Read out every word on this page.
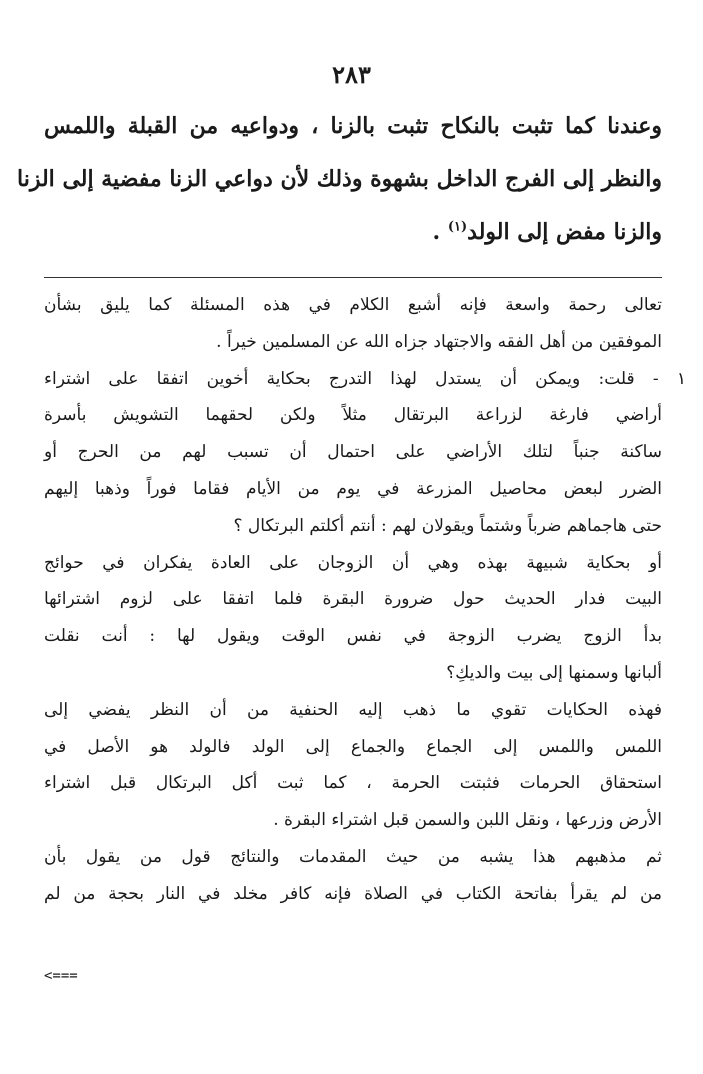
٢٨٣
وعندنا كما تثبت بالنكاح تثبت بالزنا ، ودواعيه من القبلة واللمس
والنظر إلى الفرج الداخل بشهوة وذلك لأن دواعي الزنا مفضية إلى الزنا
والزنا مفض إلى الولد$^{(١)}$ .
تعالى رحمة واسعة فإنه أشبع الكلام في هذه المسئلة كما يليق بشأن
الموفقين من أهل الفقه والاجتهاد جزاه الله عن المسلمين خيراً .
١ - قلت: ويمكن أن يستدل لهذا التدرج بحكاية أخوين اتفقا على اشتراء
أراضي فارغة لزراعة البرتقال مثلاً ولكن لحقهما التشويش بأسرة
ساكنة جنباً لتلك الأراضي على احتمال أن تسبب لهم من الحرج أو
الضرر لبعض محاصيل المزرعة في يوم من الأيام فقاما فوراً وذهبا إليهم
حتى هاجماهم ضرباً وشتماً ويقولان لهم : أنتم أكلتم البرتكال ؟
أو بحكاية شبيهة بهذه وهي أن الزوجان على العادة يفكران في حوائج
البيت فدار الحديث حول ضرورة البقرة فلما اتفقا على لزوم اشترائها
بدأ الزوج يضرب الزوجة في نفس الوقت ويقول لها : أنت نقلت
ألبانها وسمنها إلى بيت والديكِ؟
فهذه الحكايات تقوي ما ذهب إليه الحنفية من أن النظر يفضي إلى
اللمس واللمس إلى الجماع والجماع إلى الولد فالولد هو الأصل في
استحقاق الحرمات فثبتت الحرمة ، كما ثبت أكل البرتكال قبل اشتراء
الأرض وزرعها ، ونقل اللبن والسمن قبل اشتراء البقرة .
ثم مذهبهم هذا يشبه من حيث المقدمات والنتائج قول من يقول بأن
من لم يقرأ بفاتحة الكتاب في الصلاة فإنه كافر مخلد في النار بحجة من لم
<===
